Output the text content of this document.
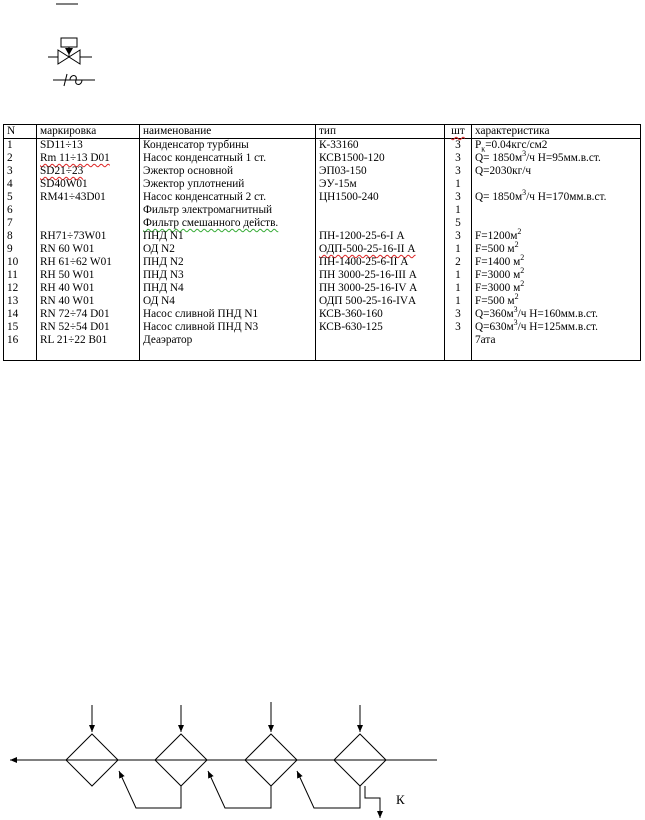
N	маркировка	наименование	тип	шт	характеристика
1	SD11÷13	Конденсатор турбины	К-33160	3	$P_к=0.04кгс/см2$
2	Rm 11÷13 D01	Насос конденсатный 1 ст.	КСВ1500-120	3	$Q= 1850м^3/ч$ Н=95мм.в.ст.
3	SD21÷23	Эжектор основной	ЭП03-150	3	Q=2030кг/ч
4	SD40W01	Эжектор уплотнений	ЭУ-15м	1	
5	RM41÷43D01	Насос конденсатный 2 ст.	ЦН1500-240	3	$Q= 1850м^3/ч$ Н=170мм.в.ст.
6		Фильтр электромагнитный		1	
7		Фильтр смешанного действ.		5	
8	RH71÷73W01	ПНД N1	ПН-1200-25-6-I А	3	$F=1200м^2$
9	RN 60 W01	ОД N2	ОДП-500-25-16-II А	1	F=500 $м^2$
10	RH 61÷62 W01	ПНД N2	ПН-1400-25-6-II А	2	F=1400 $м^2$
11	RH 50 W01	ПНД N3	ПН 3000-25-16-III А	1	F=3000 $м^2$
12	RH 40 W01	ПНД N4	ПН 3000-25-16-IV А	1	F=3000 $м^2$
13	RN 40 W01	ОД N4	ОДП 500-25-16-IVА	1	F=500 $м^2$
14	RN 72÷74 D01	Насос сливной ПНД N1	КСВ-360-160	3	$Q=360м^3/ч$ Н=160мм.в.ст.
15	RN 52÷54 D01	Насос сливной ПНД N3	КСВ-630-125	3	$Q=630м^3/ч$ Н=125мм.в.ст.
16	RL 21÷22 B01	Деаэратор			7ата
К
